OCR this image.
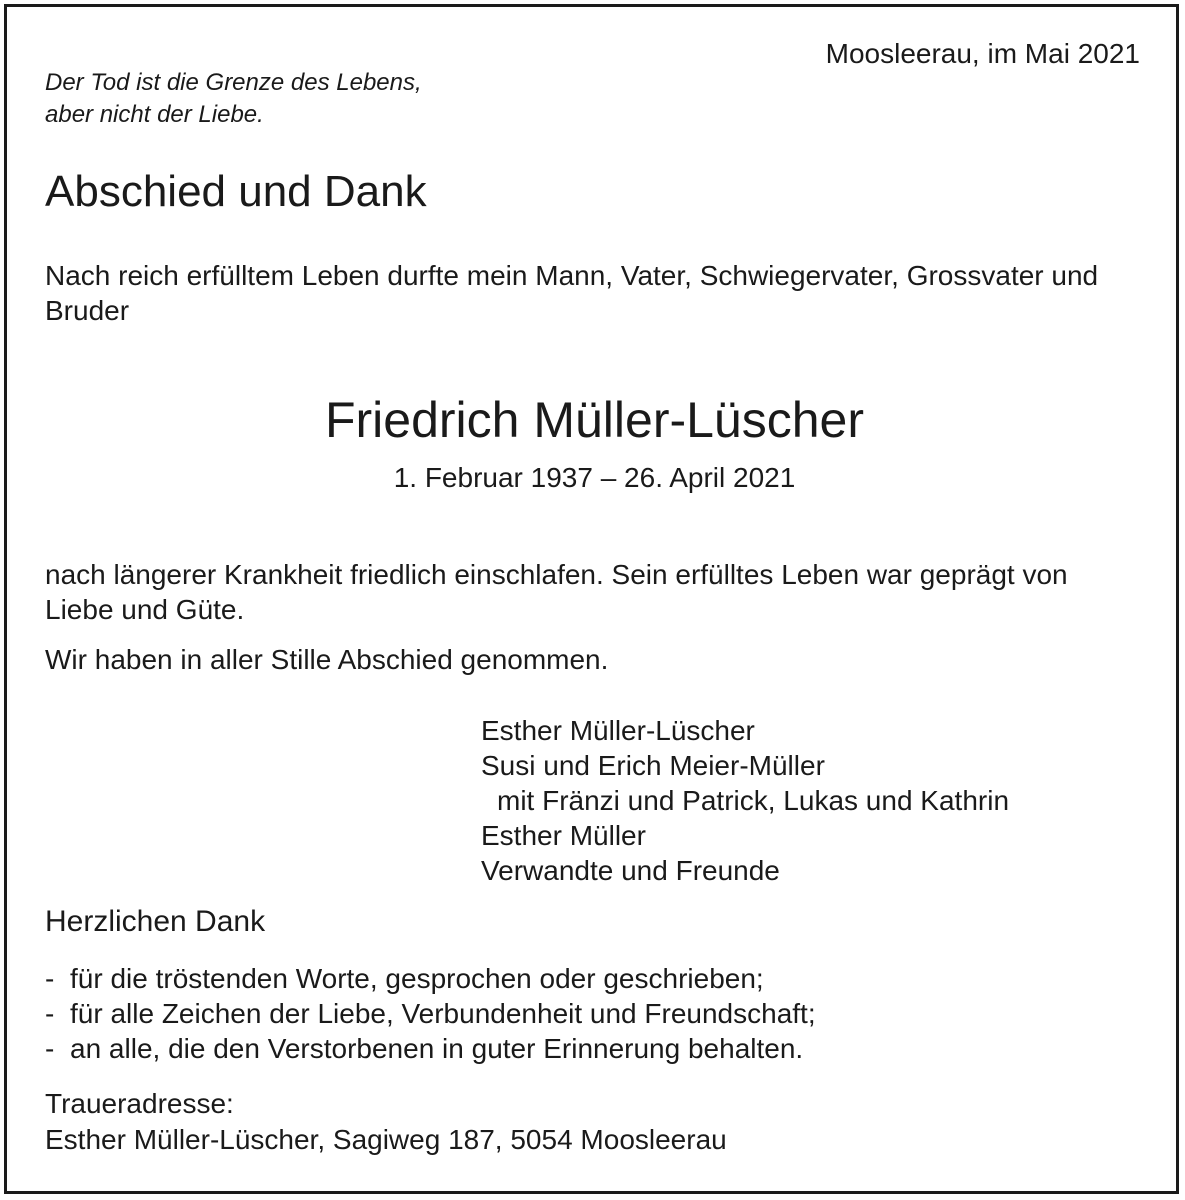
Moosleerau, im Mai 2021

Der Tod ist die Grenze des Lebens,
aber nicht der Liebe.
Abschied und Dank

Nach reich erfülltem Leben durfte mein Mann, Vater, Schwiegervater, Grossvater und Bruder

Friedrich Müller-Lüscher

1. Februar 1937 – 26. April 2021

nach längerer Krankheit friedlich einschlafen. Sein erfülltes Leben war geprägt von Liebe und Güte.

Wir haben in aller Stille Abschied genommen.

Esther Müller-Lüscher
Susi und Erich Meier-Müller
mit Fränzi und Patrick, Lukas und Kathrin
Esther Müller
Verwandte und Freunde
Herzlichen Dank
- für die tröstenden Worte, gesprochen oder geschrieben;
- für alle Zeichen der Liebe, Verbundenheit und Freundschaft;
- an alle, die den Verstorbenen in guter Erinnerung behalten.

Traueradresse:

Esther Müller-Lüscher, Sagiweg 187, 5054 Moosleerau
